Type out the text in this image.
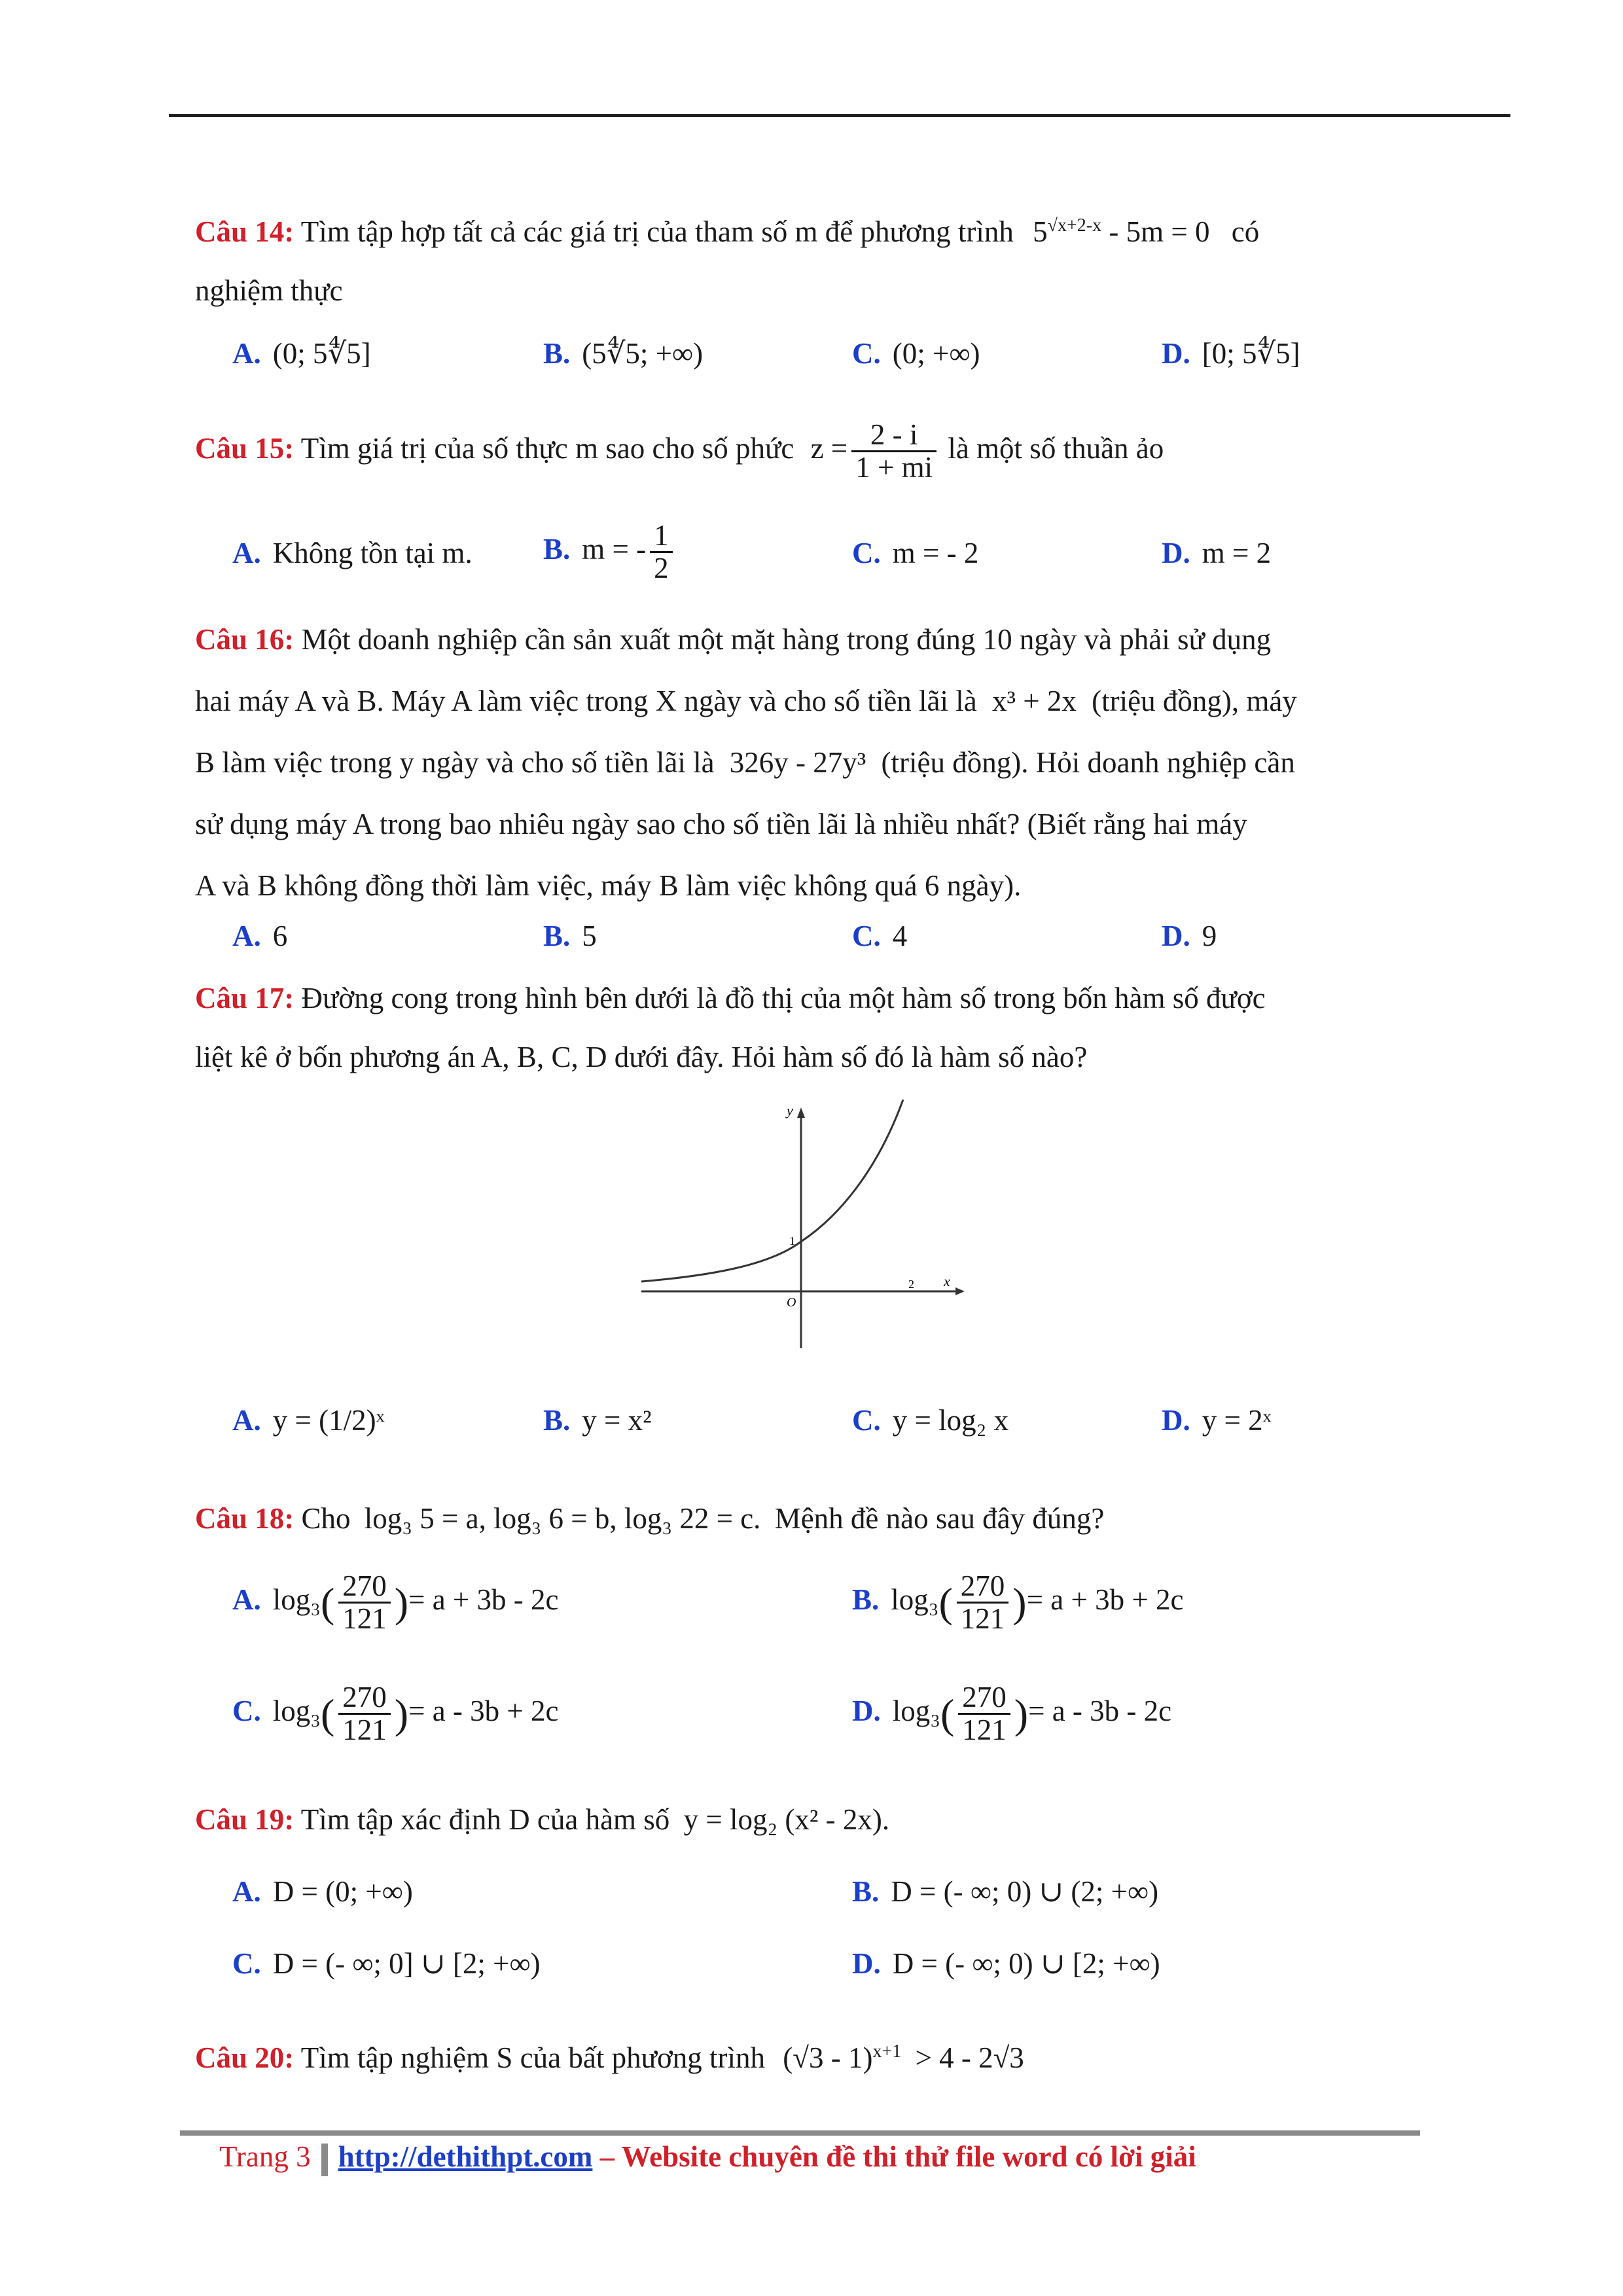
Câu 14: Tìm tập hợp tất cả các giá trị của tham số m để phương trình $5^{√x+2-x} - 5m = 0$ có
nghiệm thực
A. (0; 5∜5]	B. (5∜5; +∞)	C. (0; +∞)	D. [0; 5∜5]
Câu 15: Tìm giá trị của số thực m sao cho số phức $z = \frac{2 - i}{1 + mi}$ là một số thuần ảo
A. Không tồn tại m. B. m = - $\frac{1}{2}$	C. m = - 2	D. m = 2
Câu 16: Một doanh nghiệp cần sản xuất một mặt hàng trong đúng 10 ngày và phải sử dụng
hai máy A và B. Máy A làm việc trong X ngày và cho số tiền lãi là x³ + 2x (triệu đồng), máy
B làm việc trong y ngày và cho số tiền lãi là 326y - 27y³ (triệu đồng). Hỏi doanh nghiệp cần
sử dụng máy A trong bao nhiêu ngày sao cho số tiền lãi là nhiều nhất? (Biết rằng hai máy
A và B không đồng thời làm việc, máy B làm việc không quá 6 ngày).
A. 6	B. 5	C. 4	D. 9
Câu 17: Đường cong trong hình bên dưới là đồ thị của một hàm số trong bốn hàm số được
liệt kê ở bốn phương án A, B, C, D dưới đây. Hỏi hàm số đó là hàm số nào?
y
x
1
O
2
A. y = (1/2)ˣ	B. y = x²	C. y = log₂ x	D. y = 2ˣ
Câu 18: Cho log₃ 5 = a, log₃ 6 = b, log₃ 22 = c. Mệnh đề nào sau đây đúng?
A. $\log_3( \frac{270}{121}$ )= a + 3b - 2c	B. $\log_3( \frac{270}{121}$ )= a + 3b + 2c
C. $\log_3( \frac{270}{121}$ )= a - 3b + 2c	D. $\log_3( \frac{270}{121}$ )= a - 3b - 2c
Câu 19: Tìm tập xác định D của hàm số y = log₂ (x² - 2x).
A. D = (0; +∞)	B. D = (- ∞; 0) ∪ (2; +∞)
C. D = (- ∞; 0] ∪ [2; +∞)	D. D = (- ∞; 0) ∪ [2; +∞)
Câu 20: Tìm tập nghiệm S của bất phương trình (√3 - 1)$^{x+1}$ > 4 - 2√3
Trang 3 http://dethithpt.com – Website chuyên đề thi thử file word có lời giải
